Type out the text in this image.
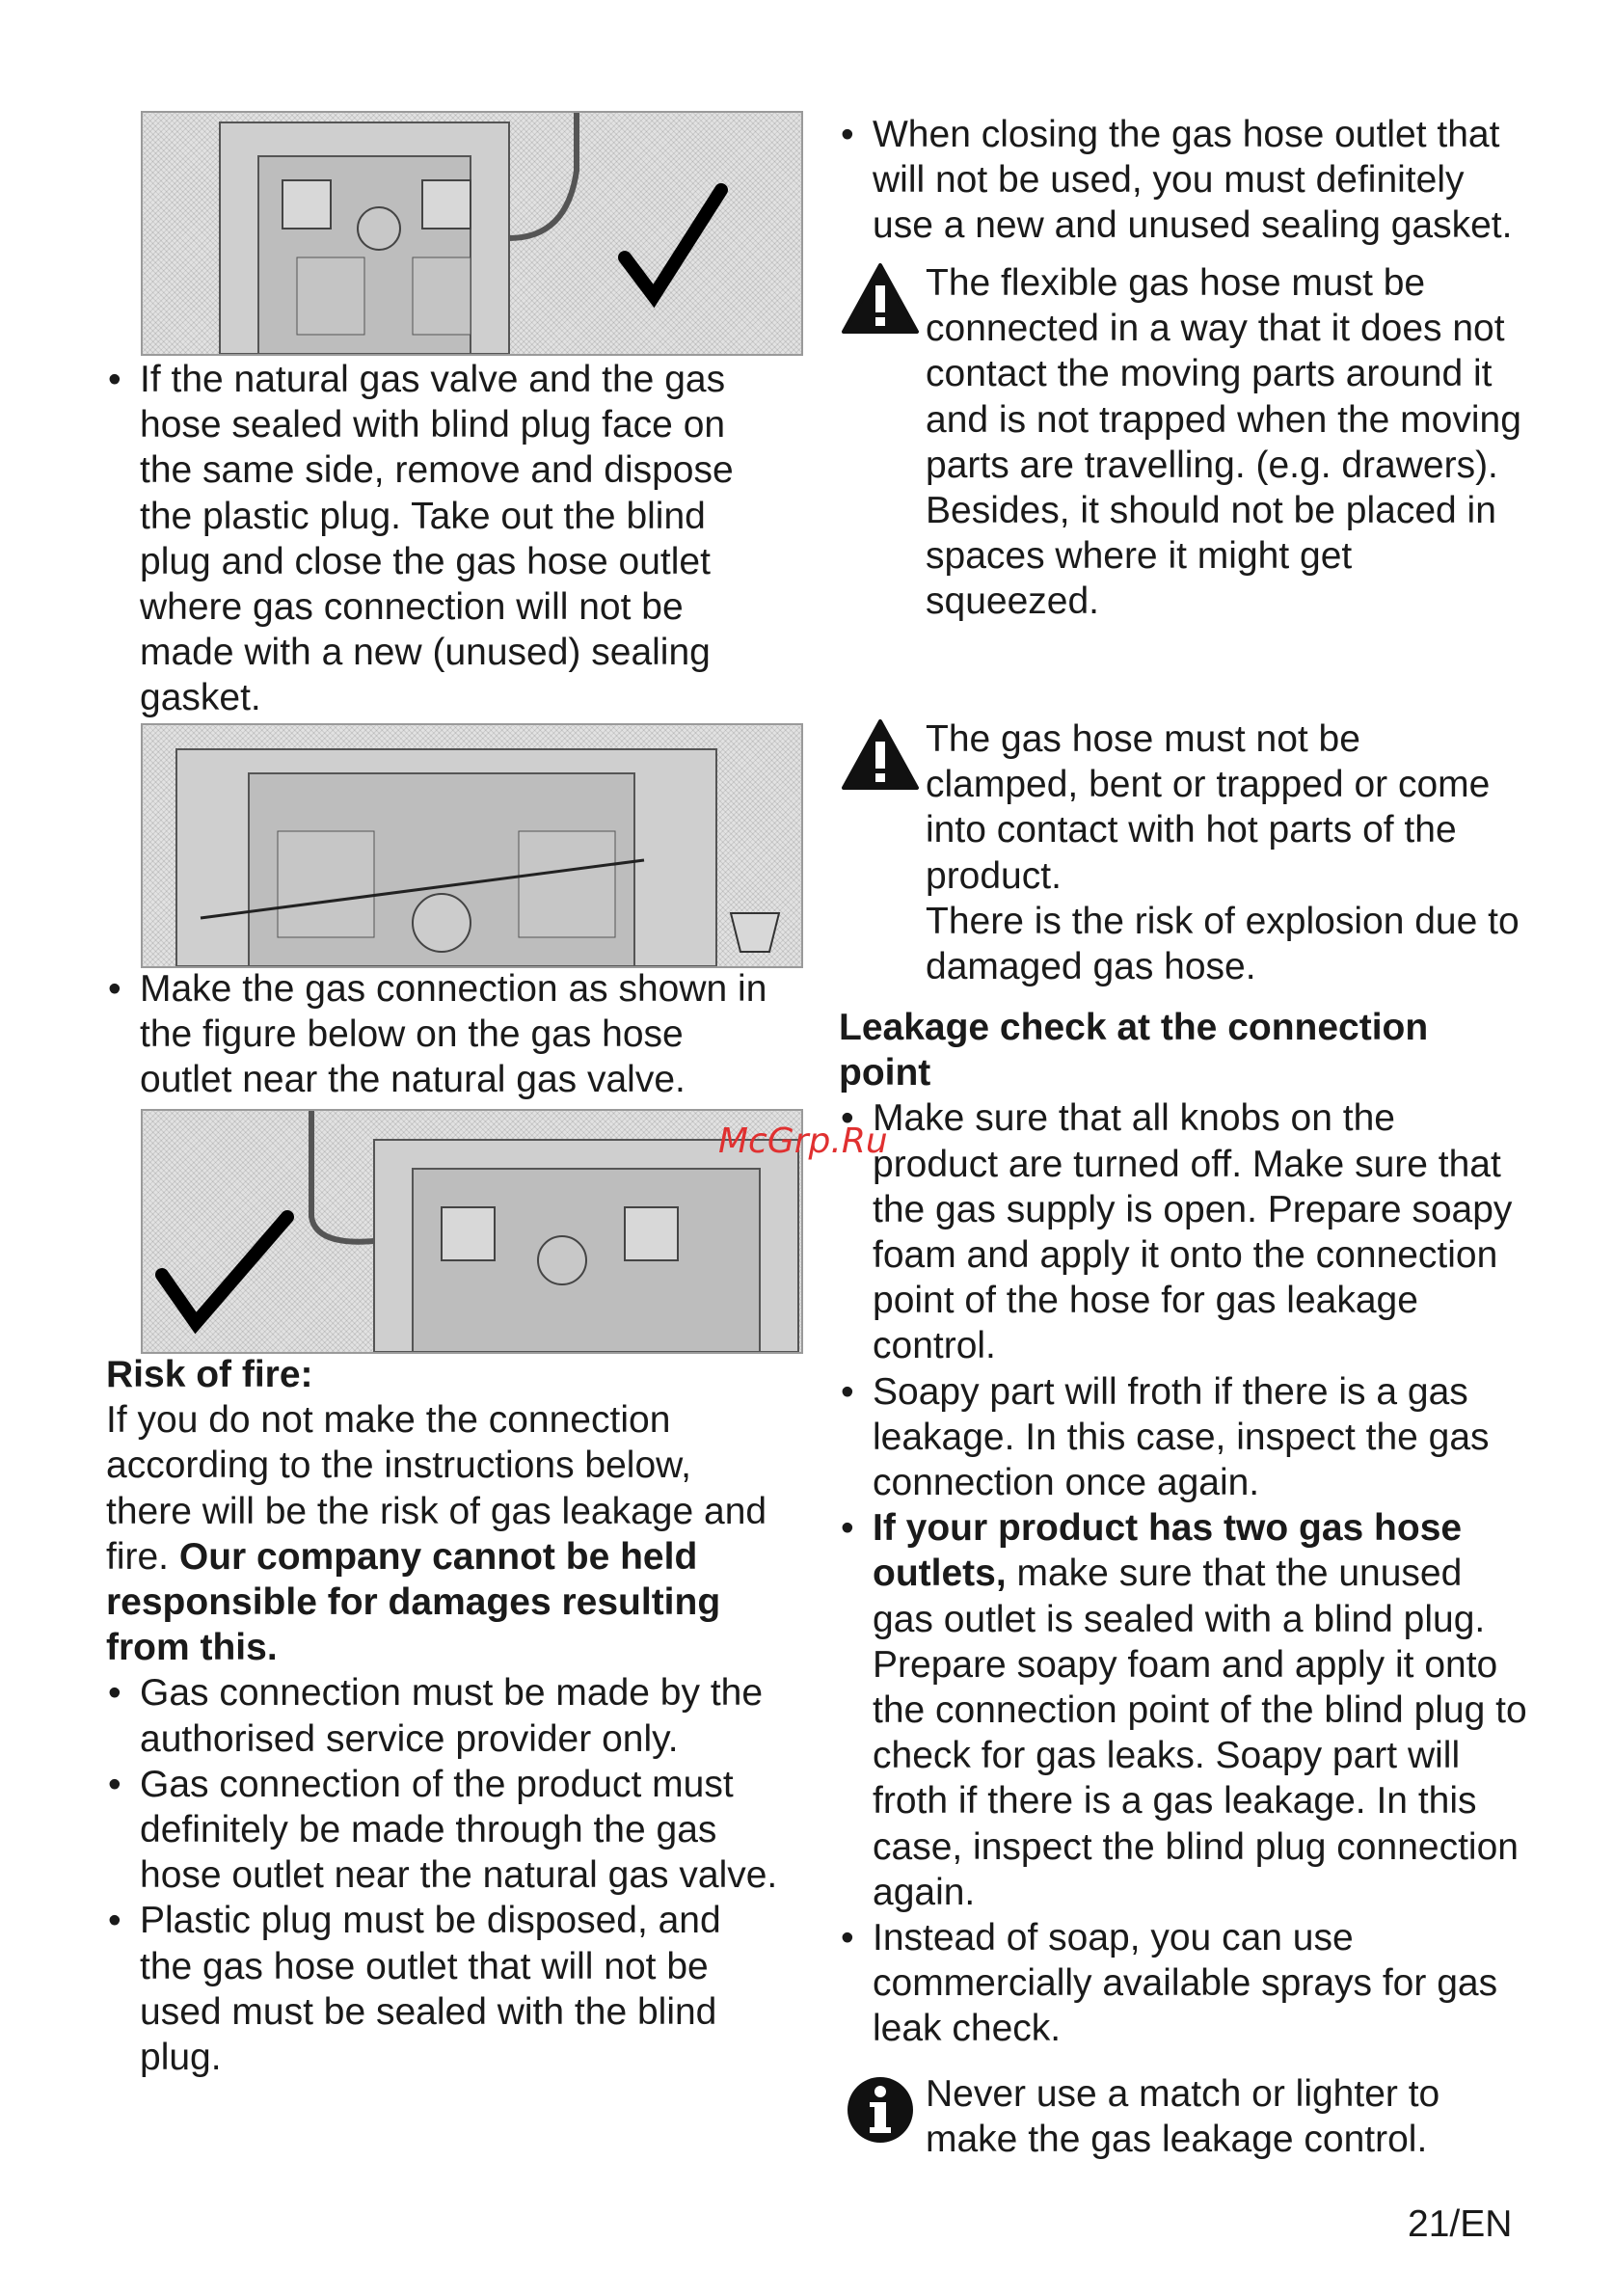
• If the natural gas valve and the gas hose sealed with blind plug face on the same side, remove and dispose the plastic plug. Take out the blind plug and close the gas hose outlet where gas connection will not be made with a new (unused) sealing gasket.
• Make the gas connection as shown in the figure below on the gas hose outlet near the natural gas valve.
Risk of fire:

If you do not make the connection according to the instructions below, there will be the risk of gas leakage and fire. Our company cannot be held responsible for damages resulting from this.

• Gas connection must be made by the authorised service provider only.
• Gas connection of the product must definitely be made through the gas hose outlet near the natural gas valve.
• Plastic plug must be disposed, and the gas hose outlet that will not be used must be sealed with the blind plug.
• When closing the gas hose outlet that will not be used, you must definitely use a new and unused sealing gasket.
The flexible gas hose must be connected in a way that it does not contact the moving parts around it and is not trapped when the moving parts are travelling. (e.g. drawers). Besides, it should not be placed in spaces where it might get squeezed.
The gas hose must not be clamped, bent or trapped or come into contact with hot parts of the product.
There is the risk of explosion due to damaged gas hose.
Leakage check at the connection point
• Make sure that all knobs on the product are turned off. Make sure that the gas supply is open. Prepare soapy foam and apply it onto the connection point of the hose for gas leakage control.
• Soapy part will froth if there is a gas leakage. In this case, inspect the gas connection once again.
• If your product has two gas hose outlets, make sure that the unused gas outlet is sealed with a blind plug. Prepare soapy foam and apply it onto the connection point of the blind plug to check for gas leaks. Soapy part will froth if there is a gas leakage. In this case, inspect the blind plug connection again.
• Instead of soap, you can use commercially available sprays for gas leak check.
Never use a match or lighter to make the gas leakage control.
McGrp.Ru
21/EN
